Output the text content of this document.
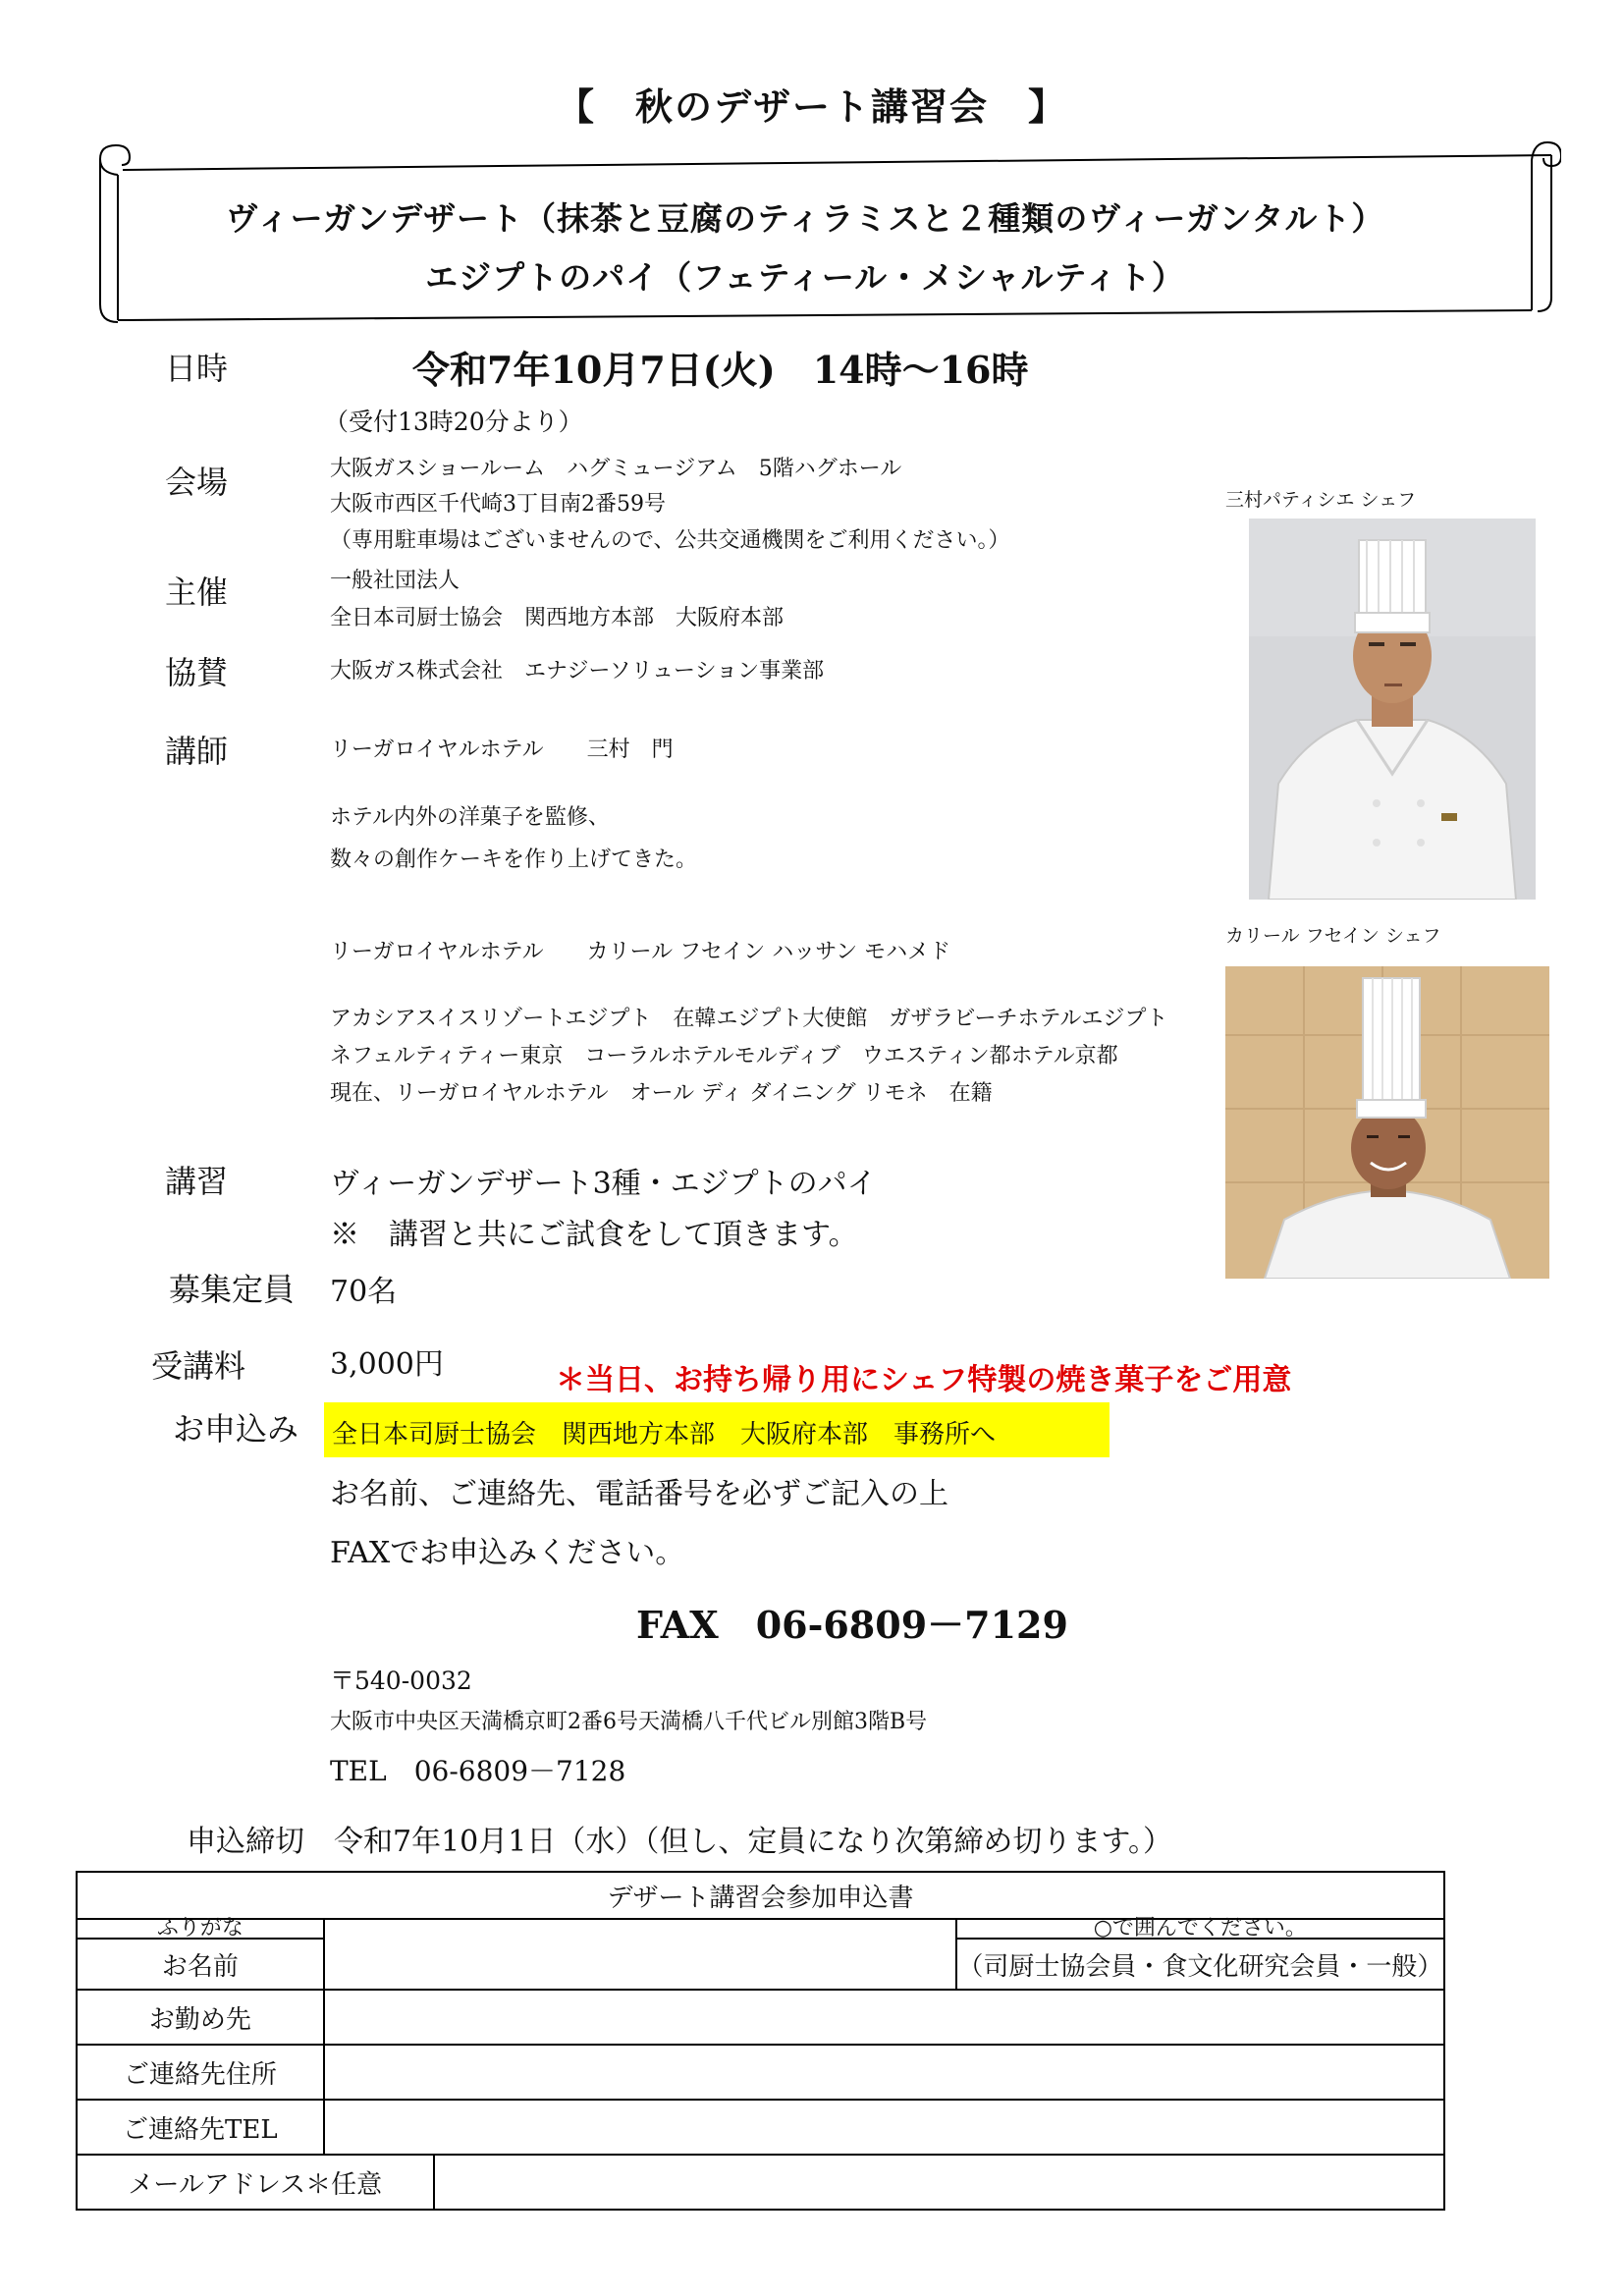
【　秋のデザート講習会　】
ヴィーガンデザート（抹茶と豆腐のティラミスと２種類のヴィーガンタルト）
エジプトのパイ（フェティール・メシャルティト）
日時	令和7年10月7日(火)　14時～16時
（受付13時20分より）
会場	大阪ガスショールーム　ハグミュージアム　5階ハグホール
大阪市西区千代崎3丁目南2番59号
（専用駐車場はございませんので、公共交通機関をご利用ください。）
主催	一般社団法人
全日本司厨士協会　関西地方本部　大阪府本部
協賛	大阪ガス株式会社　エナジーソリューション事業部
講師	リーガロイヤルホテル　　三村　門
ホテル内外の洋菓子を監修、
数々の創作ケーキを作り上げてきた。
リーガロイヤルホテル　　カリール フセイン ハッサン モハメド
アカシアスイスリゾートエジプト　在韓エジプト大使館　ガザラビーチホテルエジプト
ネフェルティティー東京　コーラルホテルモルディブ　ウエスティン都ホテル京都
現在、リーガロイヤルホテル　オール ディ ダイニング リモネ　在籍
三村パティシエ シェフ
カリール フセイン シェフ
講習	ヴィーガンデザート3種・エジプトのパイ
※　講習と共にご試食をして頂きます。
募集定員 70名
受講料	3,000円	＊当日、お持ち帰り用にシェフ特製の焼き菓子をご用意
お申込み 全日本司厨士協会　関西地方本部　大阪府本部　事務所へ
お名前、ご連絡先、電話番号を必ずご記入の上
FAXでお申込みください。
FAX　06-6809－7129
〒540-0032
大阪市中央区天満橋京町2番6号天満橋八千代ビル別館3階B号
TEL　06-6809－7128
申込締切　令和7年10月1日（水）（但し、定員になり次第締め切ります。）
デザート講習会参加申込書			
ふりがな			○で囲んでください。
お名前			（司厨士協会員・食文化研究会員・一般）
お勤め先			
ご連絡先住所			
ご連絡先TEL			
メールアドレス＊任意			
